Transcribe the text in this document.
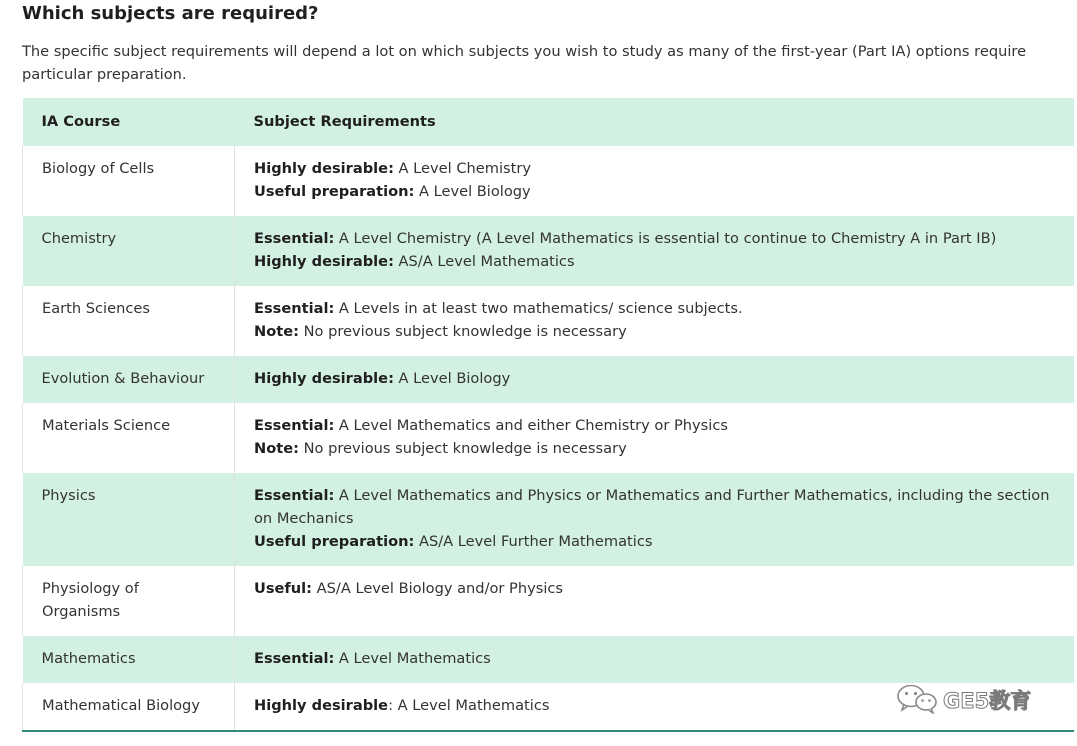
Which subjects are required?

The specific subject requirements will depend a lot on which subjects you wish to study as many of the first-year (Part IA) options require particular preparation.

IA Course	Subject Requirements
Biology of Cells	Highly desirable: A Level Chemistry
Useful preparation: A Level Biology

Chemistry	Essential: A Level Chemistry (A Level Mathematics is essential to continue to Chemistry A in Part IB)
Highly desirable: AS/A Level Mathematics

Earth Sciences	Essential: A Levels in at least two mathematics/ science subjects.
Note: No previous subject knowledge is necessary

Evolution & Behaviour	Highly desirable: A Level Biology

Materials Science	Essential: A Level Mathematics and either Chemistry or Physics
Note: No previous subject knowledge is necessary

Physics	Essential: A Level Mathematics and Physics or Mathematics and Further Mathematics, including the section on Mechanics
Useful preparation: AS/A Level Further Mathematics

Physiology of Organisms	Useful: AS/A Level Biology and/or Physics

Mathematics	Essential: A Level Mathematics

Mathematical Biology	Highly desirable: A Level Mathematics	GE5教育
